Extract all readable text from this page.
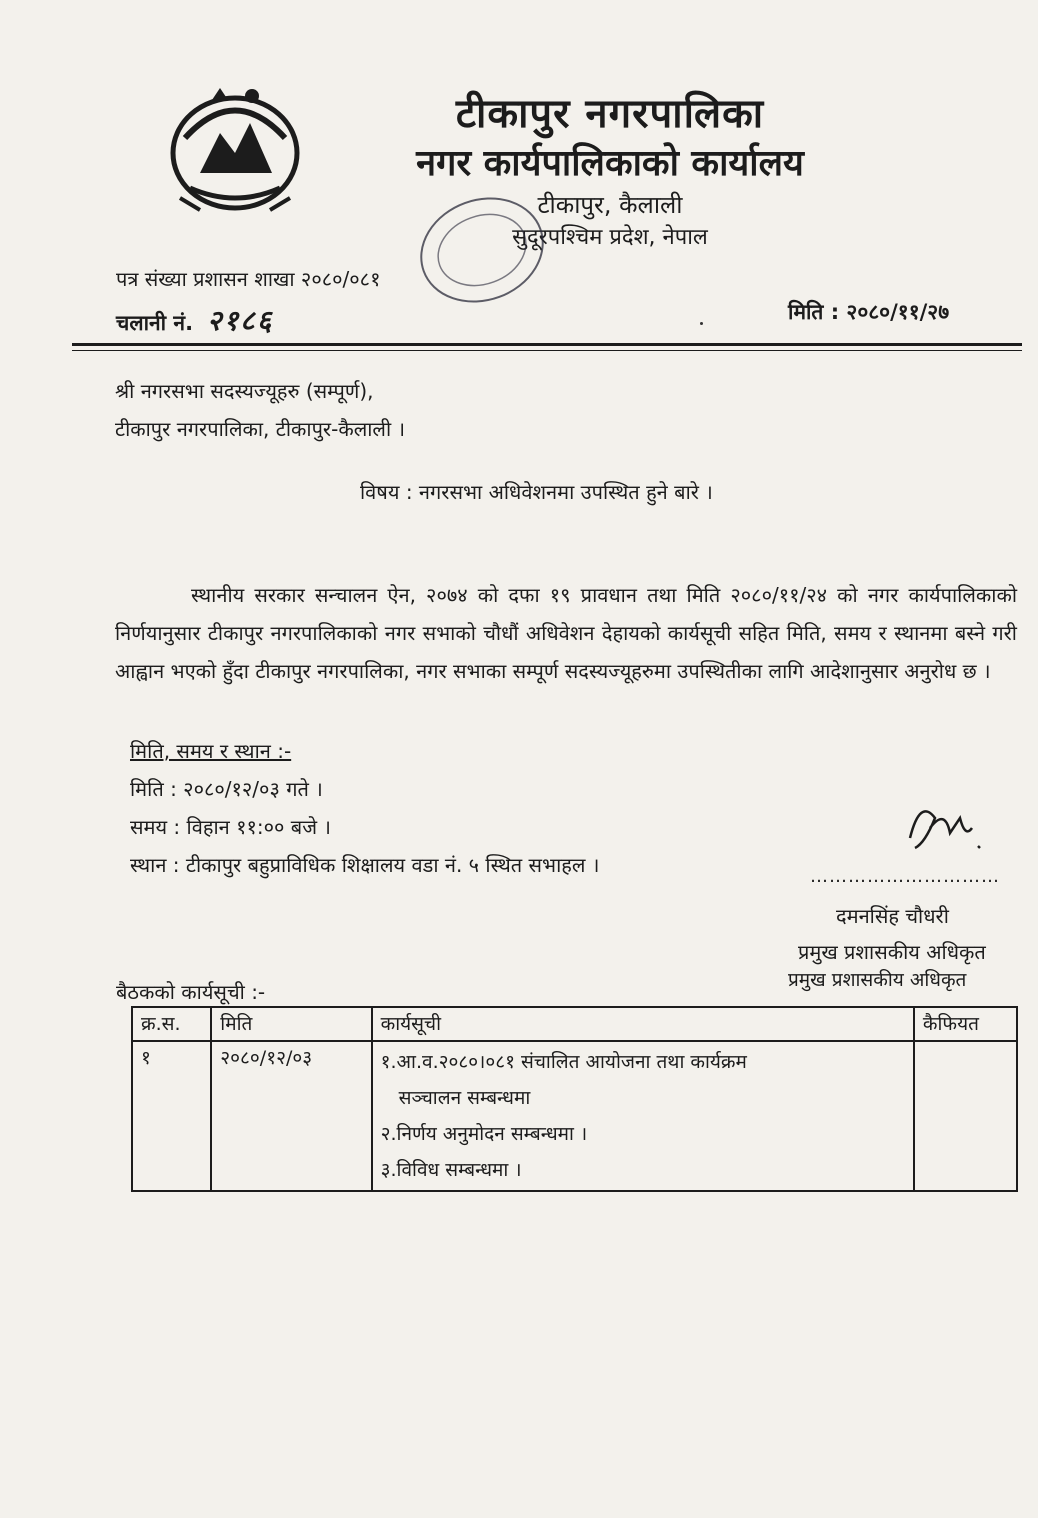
टीकापुर नगरपालिका
नगर कार्यपालिकाको कार्यालय
टीकापुर, कैलाली
सुदूरपश्चिम प्रदेश, नेपाल
पत्र संख्या प्रशासन शाखा २०८०/०८१
चलानी नं. २१८६	मिति : २०८०/११/२७
श्री नगरसभा सदस्यज्यूहरु (सम्पूर्ण),
टीकापुर नगरपालिका, टीकापुर-कैलाली ।
विषय : नगरसभा अधिवेशनमा उपस्थित हुने बारे ।
स्थानीय सरकार सन्चालन ऐन, २०७४ को दफा १९ प्रावधान तथा मिति २०८०/११/२४ को नगर कार्यपालिकाको निर्णयानुसार टीकापुर नगरपालिकाको नगर सभाको चौधौं अधिवेशन देहायको कार्यसूची सहित मिति, समय र स्थानमा बस्ने गरी आह्वान भएको हुँदा टीकापुर नगरपालिका, नगर सभाका सम्पूर्ण सदस्यज्यूहरुमा उपस्थितीका लागि आदेशानुसार अनुरोध छ ।
मिति, समय र स्थान :-
मिति : २०८०/१२/०३ गते ।
समय : विहान ११:०० बजे ।
स्थान : टीकापुर बहुप्राविधिक शिक्षालय वडा नं. ५ स्थित सभाहल ।	…………………………
दमनसिंह चौधरी
प्रमुख प्रशासकीय अधिकृत
प्रमुख प्रशासकीय अधिकृत
बैठकको कार्यसूची :-
क्र.स.	मिति	कार्यसूची	कैफियत
१	२०८०/१२/०३	१.आ.व.२०८०।०८१ संचालित आयोजना तथा कार्यक्रम
सञ्चालन सम्बन्धमा
२.निर्णय अनुमोदन सम्बन्धमा ।
३.विविध सम्बन्धमा ।	
